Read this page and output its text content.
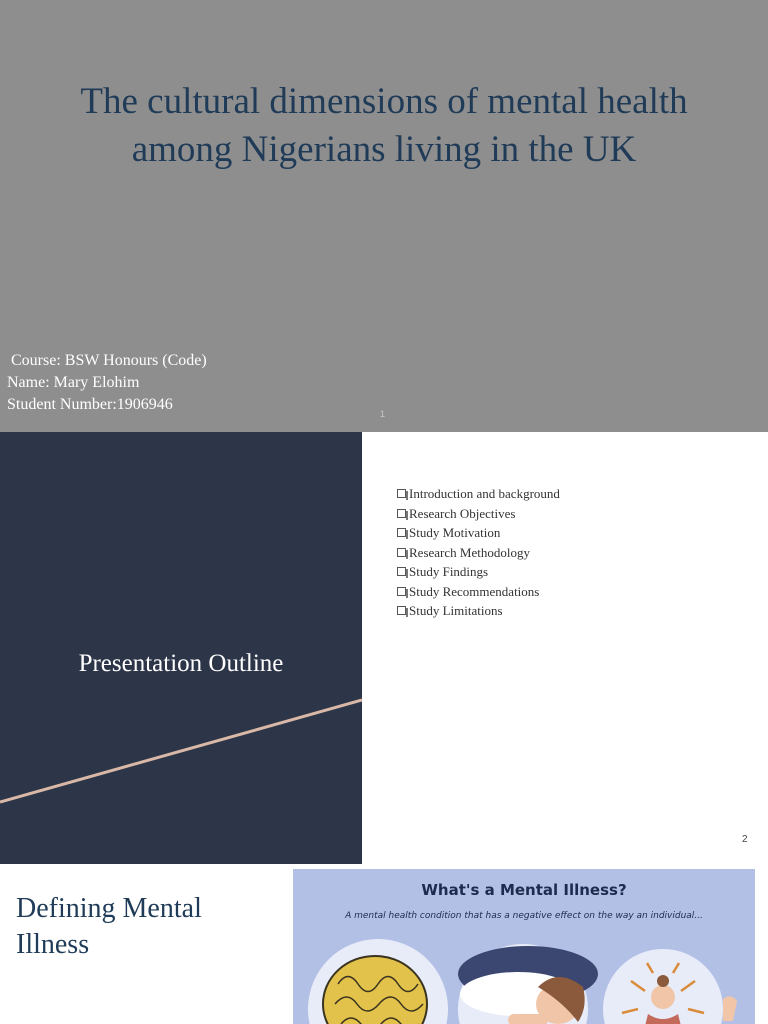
The cultural dimensions of mental health among Nigerians living in the UK
Course: BSW Honours (Code)
Name: Mary Elohim
Student Number:1906946
1
Presentation Outline
Introduction and background
Research Objectives
Study Motivation
Research Methodology
Study Findings
Study Recommendations
Study Limitations
2
Defining Mental Illness
What's a Mental Illness?
A mental health condition that has a negative effect on the way an individual...
